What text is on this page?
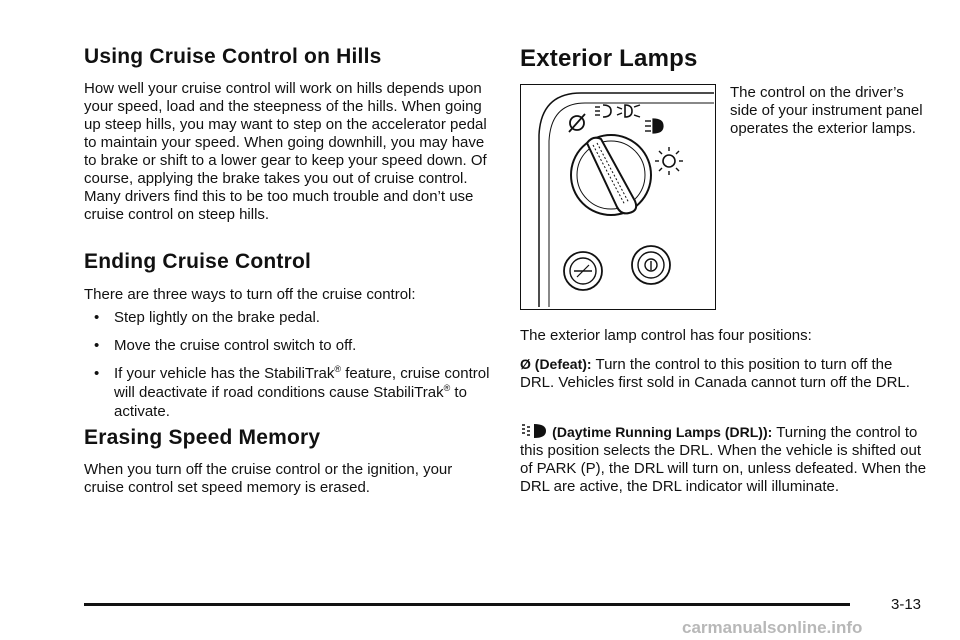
Using Cruise Control on Hills

How well your cruise control will work on hills depends upon your speed, load and the steepness of the hills. When going up steep hills, you may want to step on the accelerator pedal to maintain your speed. When going downhill, you may have to brake or shift to a lower gear to keep your speed down. Of course, applying the brake takes you out of cruise control. Many drivers find this to be too much trouble and don’t use cruise control on steep hills.

Ending Cruise Control

There are three ways to turn off the cruise control:

• Step lightly on the brake pedal.
• Move the cruise control switch to off.
• If your vehicle has the StabiliTrak® feature, cruise control will deactivate if road conditions cause StabiliTrak® to activate.
Erasing Speed Memory

When you turn off the cruise control or the ignition, your cruise control set speed memory is erased.

Exterior Lamps

The control on the driver’s side of your instrument panel operates the exterior lamps.

The exterior lamp control has four positions:

Ø (Defeat): Turn the control to this position to turn off the DRL. Vehicles first sold in Canada cannot turn off the DRL.

(Daytime Running Lamps (DRL)): Turning the control to this position selects the DRL. When the vehicle is shifted out of PARK (P), the DRL will turn on, unless defeated. When the DRL are active, the DRL indicator will illuminate.

3-13
carmanualsonline.info
